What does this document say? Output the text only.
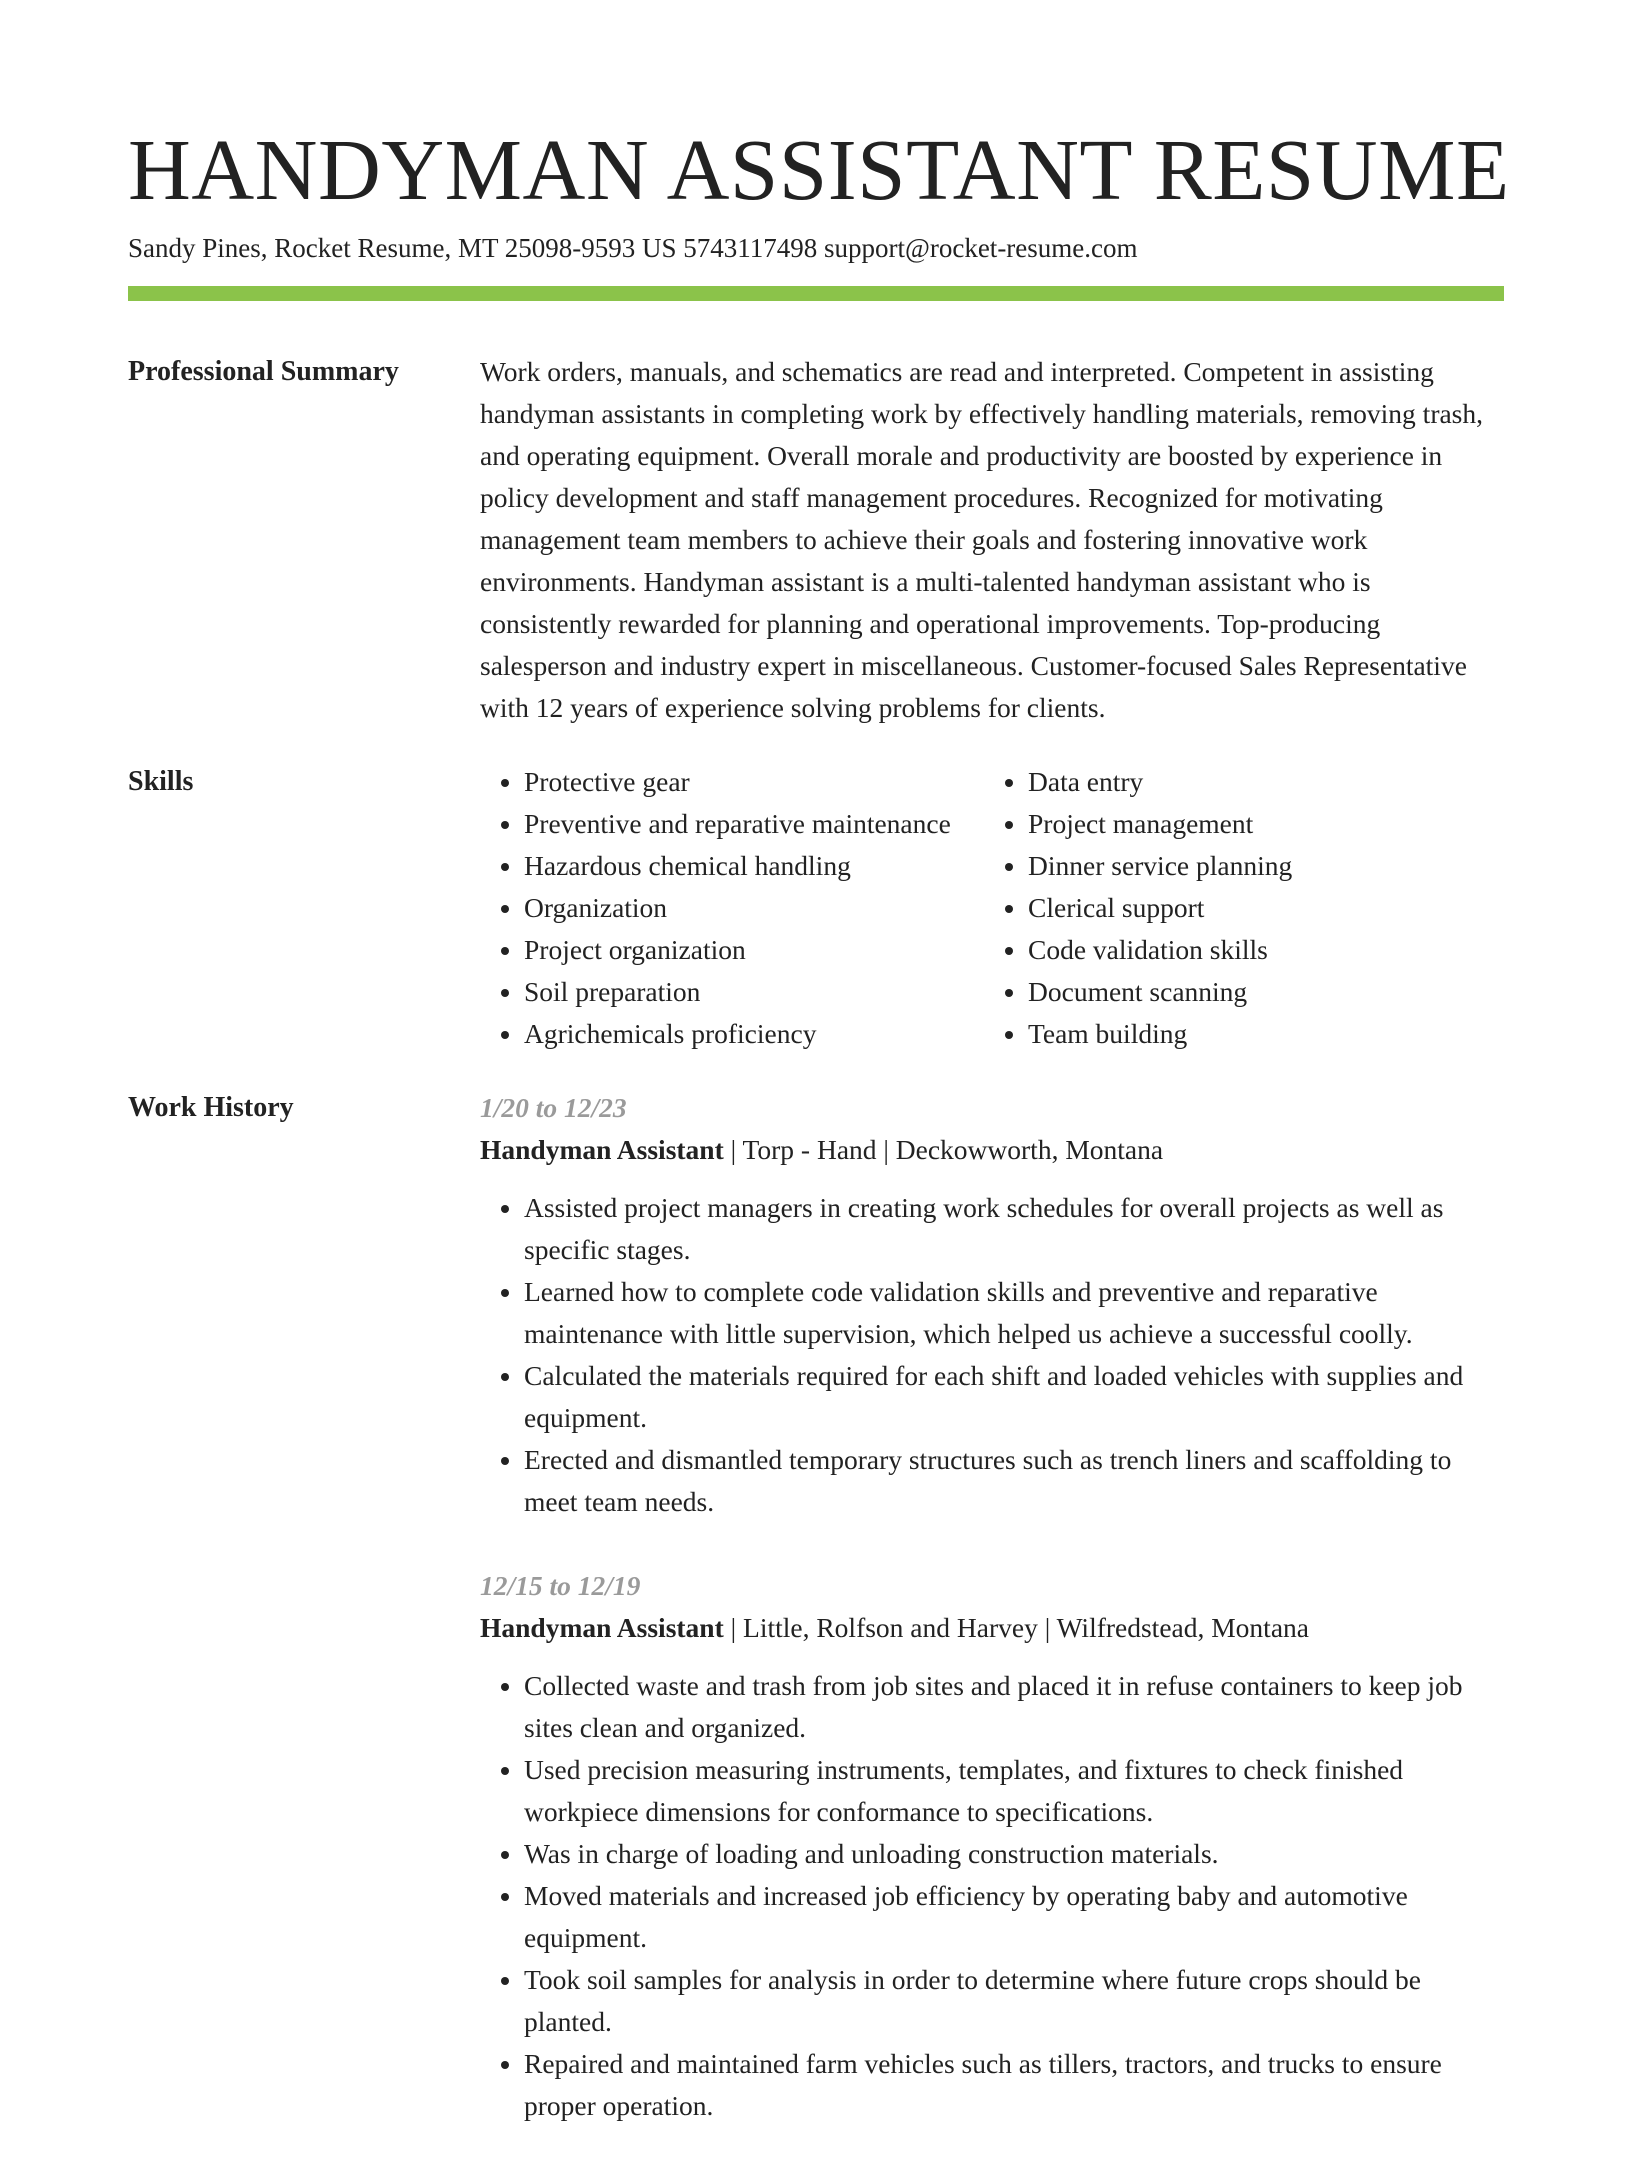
HANDYMAN ASSISTANT RESUME
Sandy Pines, Rocket Resume, MT 25098-9593 US 5743117498 support@rocket-resume.com
Professional Summary	Work orders, manuals, and schematics are read and interpreted. Competent in assisting handyman assistants in completing work by effectively handling materials, removing trash, and operating equipment. Overall morale and productivity are boosted by experience in policy development and staff management procedures. Recognized for motivating management team members to achieve their goals and fostering innovative work environments. Handyman assistant is a multi-talented handyman assistant who is consistently rewarded for planning and operational improvements. Top-producing salesperson and industry expert in miscellaneous. Customer-focused Sales Representative with 12 years of experience solving problems for clients.

Skills
•	Protective gear
• Preventive and reparative maintenance
• Hazardous chemical handling
• Organization
• Project organization
• Soil preparation
• Agrichemicals proficiency
• Data entry
• Project management
• Dinner service planning
• Clerical support
• Code validation skills
• Document scanning
• Team building
Work History	1/20 to 12/23
Handyman Assistant | Torp - Hand | Deckowworth, Montana
• Assisted project managers in creating work schedules for overall projects as well as specific stages.
• Learned how to complete code validation skills and preventive and reparative maintenance with little supervision, which helped us achieve a successful coolly.
• Calculated the materials required for each shift and loaded vehicles with supplies and equipment.
• Erected and dismantled temporary structures such as trench liners and scaffolding to meet team needs.
12/15 to 12/19
Handyman Assistant | Little, Rolfson and Harvey | Wilfredstead, Montana
• Collected waste and trash from job sites and placed it in refuse containers to keep job sites clean and organized.
• Used precision measuring instruments, templates, and fixtures to check finished workpiece dimensions for conformance to specifications.
• Was in charge of loading and unloading construction materials.
• Moved materials and increased job efficiency by operating baby and automotive equipment.
• Took soil samples for analysis in order to determine where future crops should be planted.
• Repaired and maintained farm vehicles such as tillers, tractors, and trucks to ensure proper operation.
